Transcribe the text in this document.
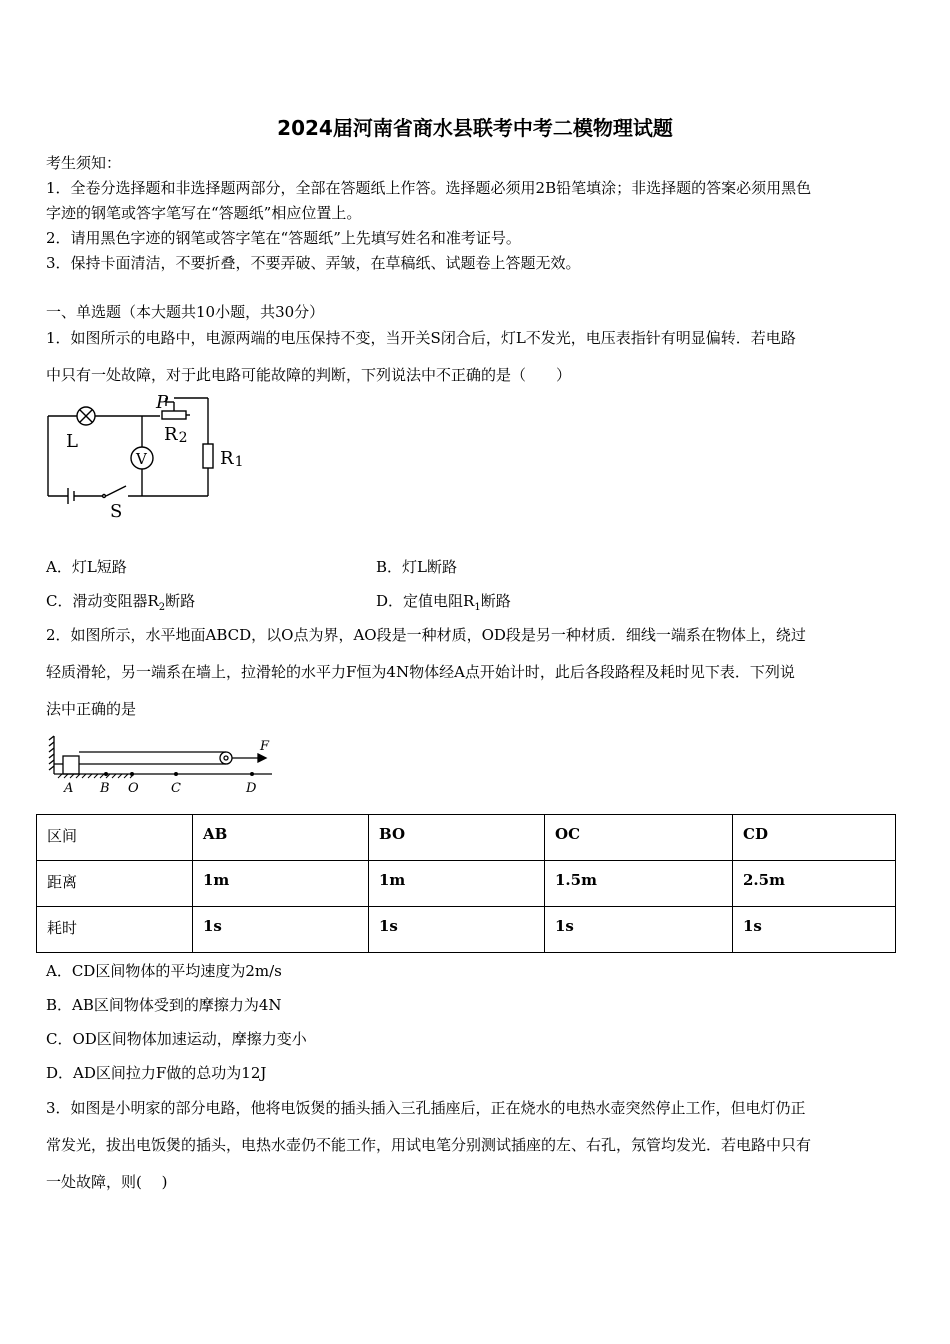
2024届河南省商水县联考中考二模物理试题
考生须知：
1．全卷分选择题和非选择题两部分，全部在答题纸上作答。选择题必须用2B铅笔填涂；非选择题的答案必须用黑色
字迹的钢笔或答字笔写在“答题纸”相应位置上。
2．请用黑色字迹的钢笔或答字笔在“答题纸”上先填写姓名和准考证号。
3．保持卡面清洁，不要折叠，不要弄破、弄皱，在草稿纸、试题卷上答题无效。
一、单选题（本大题共10小题，共30分）
1．如图所示的电路中，电源两端的电压保持不变，当开关S闭合后，灯L不发光，电压表指针有明显偏转．若电路
中只有一处故障，对于此电路可能故障的判断，下列说法中不正确的是（　　）
L
P
R2
R1
V
S
A．灯L短路	B．灯L断路
C．滑动变阻器$R_2$断路	D．定值电阻$R_1$断路
2．如图所示，水平地面ABCD，以O点为界，AO段是一种材质，OD段是另一种材质．细线一端系在物体上，绕过
轻质滑轮，另一端系在墙上，拉滑轮的水平力F恒为4N物体经A点开始计时，此后各段路程及耗时见下表．下列说
法中正确的是
A B O C	D
F
区间	AB	BO	OC	CD
距离	1m	1m	1.5m	2.5m
耗时	1s	1s	1s	1s
A．CD区间物体的平均速度为2m/s
B．AB区间物体受到的摩擦力为4N
C．OD区间物体加速运动，摩擦力变小
D．AD区间拉力F做的总功为12J
3．如图是小明家的部分电路，他将电饭煲的插头插入三孔插座后，正在烧水的电热水壶突然停止工作，但电灯仍正
常发光，拔出电饭煲的插头，电热水壶仍不能工作，用试电笔分别测试插座的左、右孔，氖管均发光．若电路中只有
一处故障，则(　 )
